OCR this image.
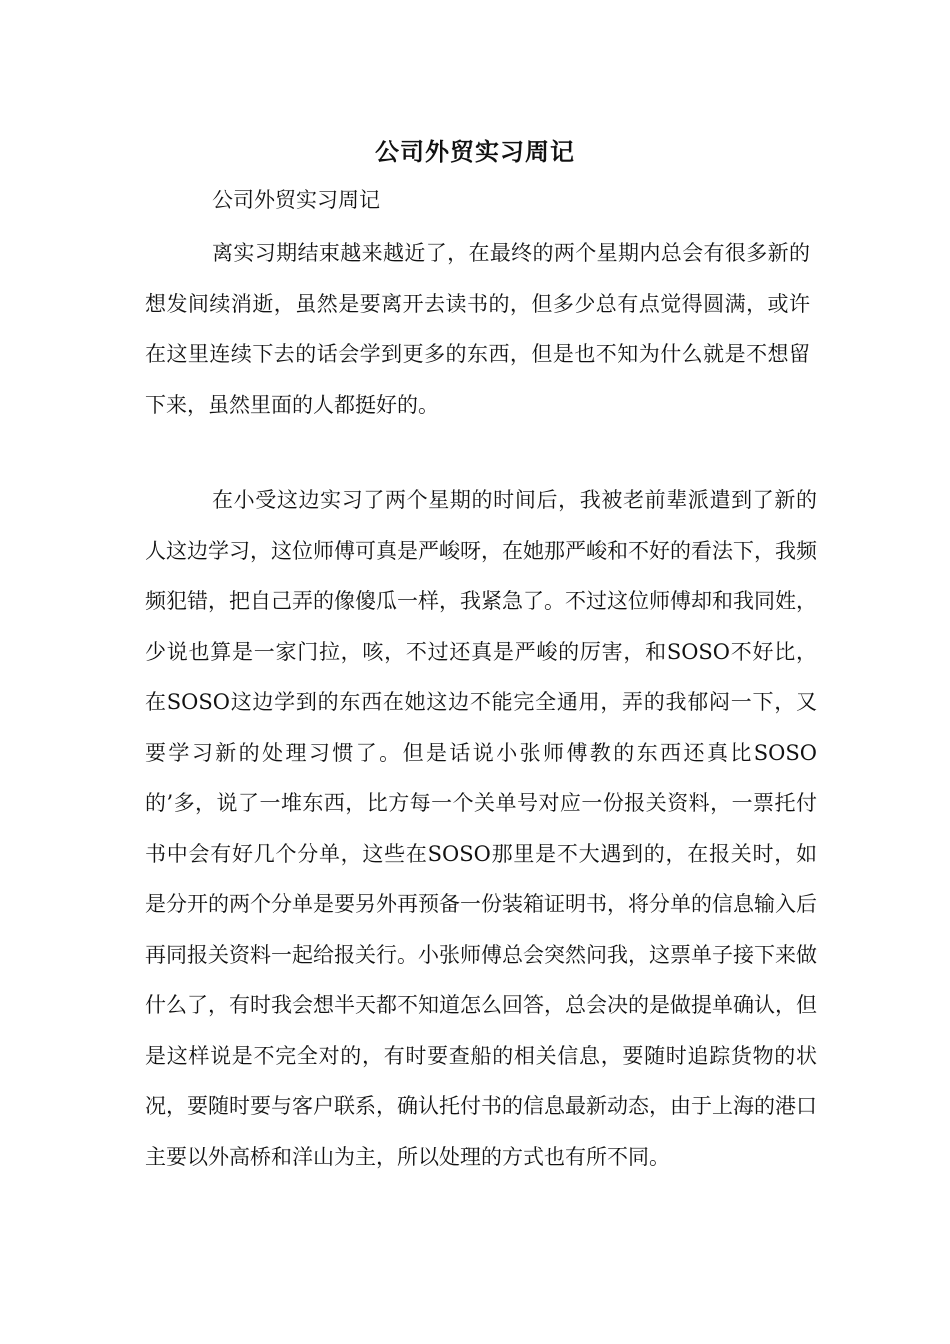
公司外贸实习周记
公司外贸实习周记

离实习期结束越来越近了，在最终的两个星期内总会有很多新的想发间续消逝，虽然是要离开去读书的，但多少总有点觉得圆满，或许在这里连续下去的话会学到更多的东西，但是也不知为什么就是不想留下来，虽然里面的人都挺好的。

在小受这边实习了两个星期的时间后，我被老前辈派遣到了新的人这边学习，这位师傅可真是严峻呀，在她那严峻和不好的看法下，我频频犯错，把自己弄的像傻瓜一样，我紧急了。不过这位师傅却和我同姓，少说也算是一家门拉，咳，不过还真是严峻的厉害，和SOSO不好比，在SOSO这边学到的东西在她这边不能完全通用，弄的我郁闷一下，又要学习新的处理习惯了。但是话说小张师傅教的东西还真比SOSO的’多，说了一堆东西，比方每一个关单号对应一份报关资料，一票托付书中会有好几个分单，这些在SOSO那里是不大遇到的，在报关时，如是分开的两个分单是要另外再预备一份装箱证明书，将分单的信息输入后再同报关资料一起给报关行。小张师傅总会突然问我，这票单子接下来做什么了，有时我会想半天都不知道怎么回答，总会决的是做提单确认，但是这样说是不完全对的，有时要查船的相关信息，要随时追踪货物的状况，要随时要与客户联系，确认托付书的信息最新动态，由于上海的港口主要以外高桥和洋山为主，所以处理的方式也有所不同。
